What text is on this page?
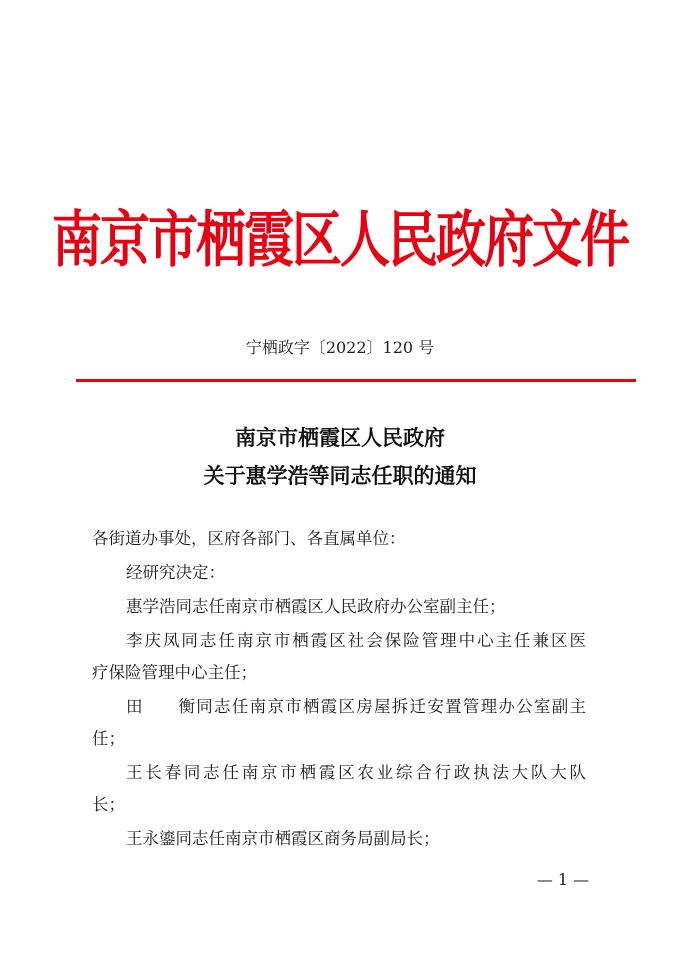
南京市栖霞区人民政府文件
宁栖政字〔2022〕120 号
南京市栖霞区人民政府
关于惠学浩等同志任职的通知
各街道办事处，区府各部门、各直属单位：
经研究决定：
惠学浩同志任南京市栖霞区人民政府办公室副主任；
李庆凤同志任南京市栖霞区社会保险管理中心主任兼区医
疗保险管理中心主任；
田 衡同志任南京市栖霞区房屋拆迁安置管理办公室副主
任；
王长春同志任南京市栖霞区农业综合行政执法大队大队
长；
王永鎏同志任南京市栖霞区商务局副局长；
— 1 —
